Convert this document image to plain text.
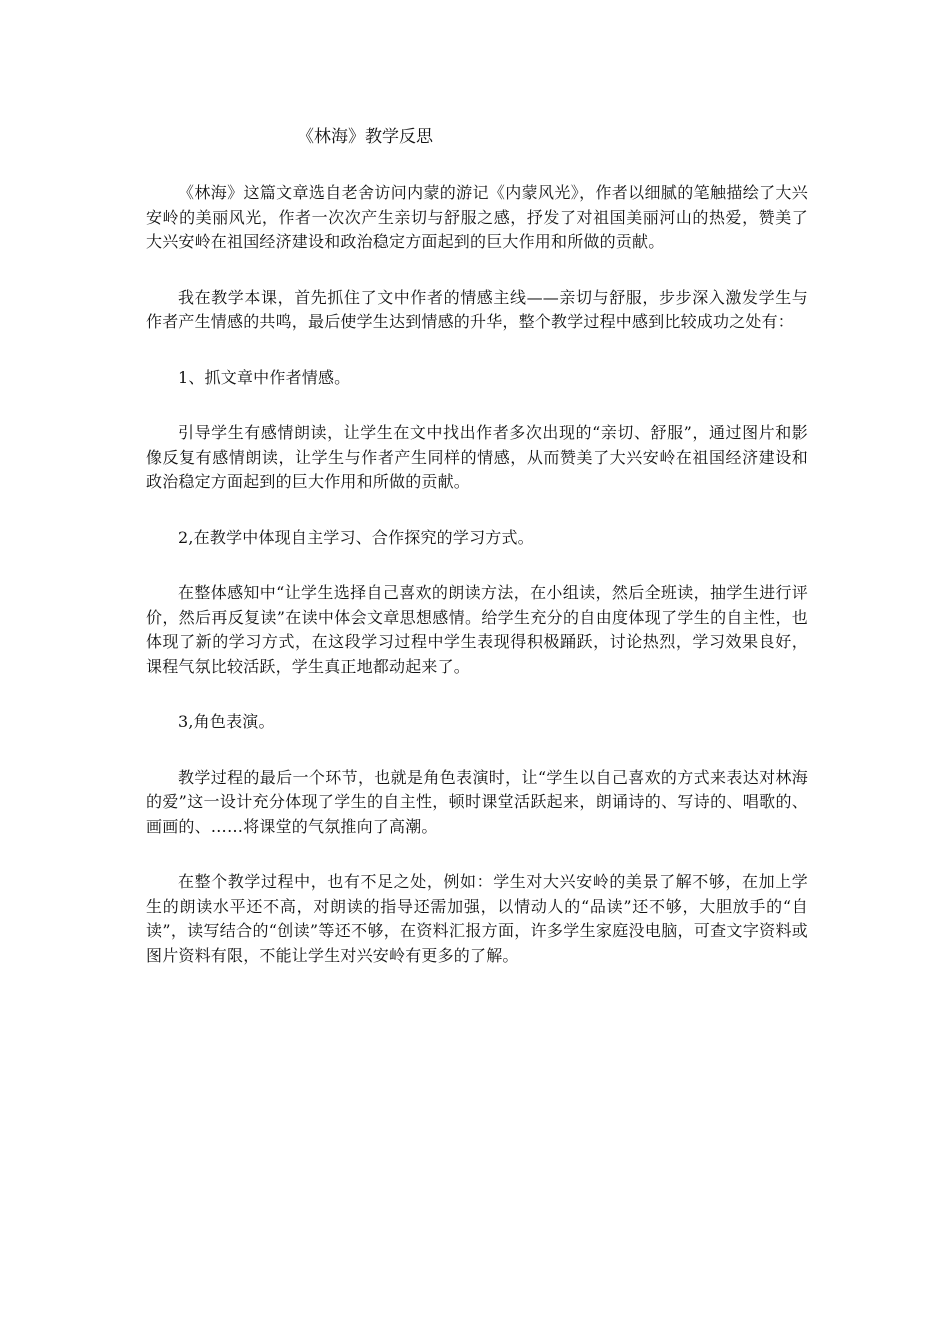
《林海》教学反思

《林海》这篇文章选自老舍访问内蒙的游记《内蒙风光》，作者以细腻的笔触描绘了大兴安岭的美丽风光，作者一次次产生亲切与舒服之感，抒发了对祖国美丽河山的热爱，赞美了大兴安岭在祖国经济建设和政治稳定方面起到的巨大作用和所做的贡献。

我在教学本课，首先抓住了文中作者的情感主线——亲切与舒服，步步深入激发学生与作者产生情感的共鸣，最后使学生达到情感的升华，整个教学过程中感到比较成功之处有：

1、抓文章中作者情感。

引导学生有感情朗读，让学生在文中找出作者多次出现的“亲切、舒服”，通过图片和影像反复有感情朗读，让学生与作者产生同样的情感，从而赞美了大兴安岭在祖国经济建设和政治稳定方面起到的巨大作用和所做的贡献。

2,在教学中体现自主学习、合作探究的学习方式。

在整体感知中“让学生选择自己喜欢的朗读方法，在小组读，然后全班读，抽学生进行评价，然后再反复读”在读中体会文章思想感情。给学生充分的自由度体现了学生的自主性，也体现了新的学习方式，在这段学习过程中学生表现得积极踊跃，讨论热烈，学习效果良好，课程气氛比较活跃，学生真正地都动起来了。

3,角色表演。

教学过程的最后一个环节，也就是角色表演时，让“学生以自己喜欢的方式来表达对林海的爱”这一设计充分体现了学生的自主性，顿时课堂活跃起来，朗诵诗的、写诗的、唱歌的、画画的、……将课堂的气氛推向了高潮。

在整个教学过程中，也有不足之处，例如：学生对大兴安岭的美景了解不够，在加上学生的朗读水平还不高，对朗读的指导还需加强，以情动人的“品读”还不够，大胆放手的“自读”，读写结合的“创读”等还不够，在资料汇报方面，许多学生家庭没电脑，可查文字资料或图片资料有限，不能让学生对兴安岭有更多的了解。
